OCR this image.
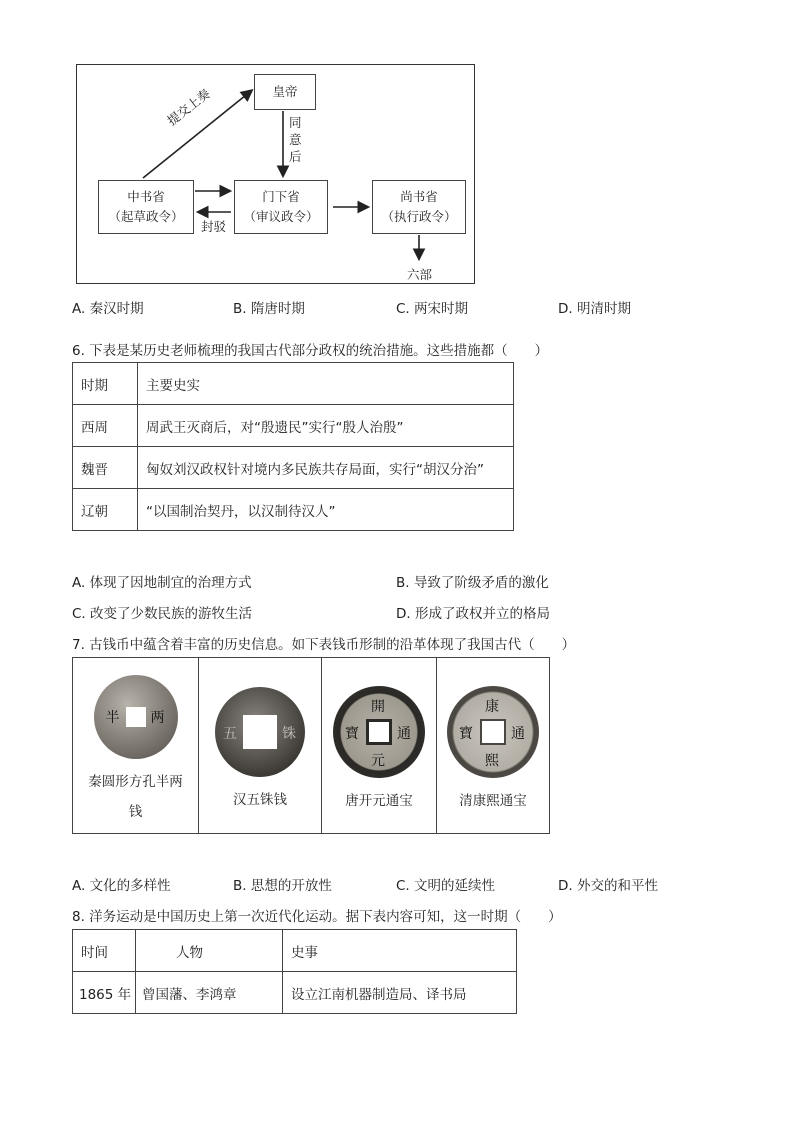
皇帝
中书省
（起草政令）
门下省
（审议政令）
尚书省
（执行政令）
提交上奏	同
意
后
封驳
六部
A. 秦汉时期	B. 隋唐时期	C. 两宋时期	D. 明清时期
6. 下表是某历史老师梳理的我国古代部分政权的统治措施。这些措施都（　　）
时期	主要史实
西周	周武王灭商后，对“殷遗民”实行“殷人治殷”
魏晋	匈奴刘汉政权针对境内多民族共存局面，实行“胡汉分治”
辽朝	“以国制治契丹，以汉制待汉人”
A. 体现了因地制宜的治理方式	B. 导致了阶级矛盾的激化
C. 改变了少数民族的游牧生活	D. 形成了政权并立的格局
7. 古钱币中蕴含着丰富的历史信息。如下表钱币形制的沿革体现了我国古代（　　）
半 两
秦圆形方孔半两钱

五	铢
汉五铢钱

開
元
通
寶
唐开元通宝

康
熙
通
寶
清康熙通宝
A. 文化的多样性	B. 思想的开放性	C. 文明的延续性	D. 外交的和平性
8. 洋务运动是中国历史上第一次近代化运动。据下表内容可知，这一时期（　　）
时间	人物	史事
1865 年	曾国藩、李鸿章	设立江南机器制造局、译书局
